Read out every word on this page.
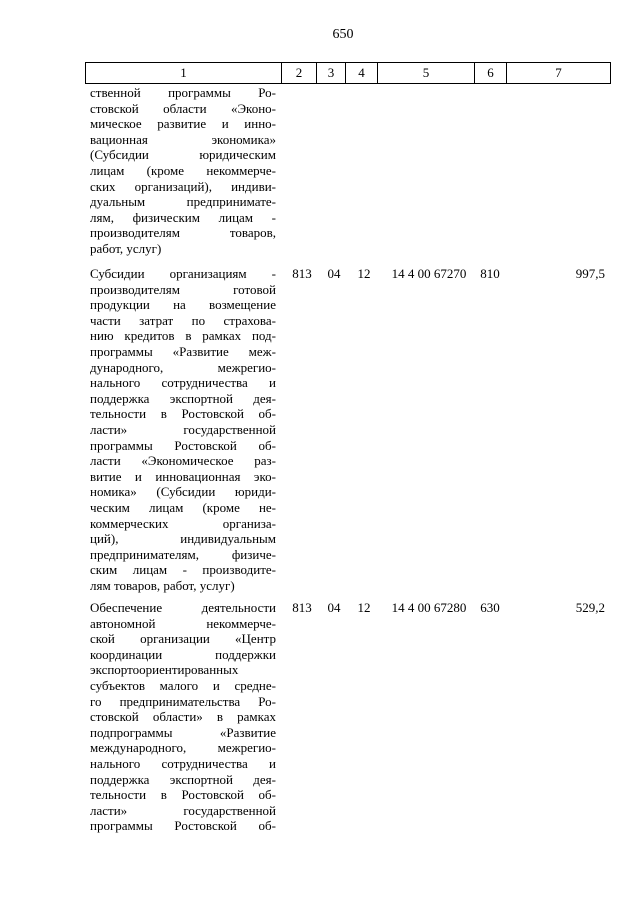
650
1	2	3	4	5	6	7
ственной программы Ро-
стовской области «Эконо-
мическое развитие и инно-
вационная экономика»
(Субсидии юридическим
лицам (кроме некоммерче-
ских организаций), индиви-
дуальным предпринимате-
лям, физическим лицам -
производителям товаров,
работ, услуг)
Субсидии организациям -
производителям готовой
продукции на возмещение
части затрат по страхова-
нию кредитов в рамках под-
программы «Развитие меж-
дународного, межрегио-
нального сотрудничества и
поддержка экспортной дея-
тельности в Ростовской об-
ласти» государственной
программы Ростовской об-
ласти «Экономическое раз-
витие и инновационная эко-
номика» (Субсидии юриди-
ческим лицам (кроме не-
коммерческих организа-
ций), индивидуальным
предпринимателям, физиче-
ским лицам - производите-
лям товаров, работ, услуг)
813	04	12	14 4 00 67270	810	997,5
Обеспечение деятельности
автономной некоммерче-
ской организации «Центр
координации поддержки
экспортоориентированных
субъектов малого и средне-
го предпринимательства Ро-
стовской области» в рамках
подпрограммы «Развитие
международного, межрегио-
нального сотрудничества и
поддержка экспортной дея-
тельности в Ростовской об-
ласти» государственной
программы Ростовской об-
813	04	12	14 4 00 67280	630	529,2
